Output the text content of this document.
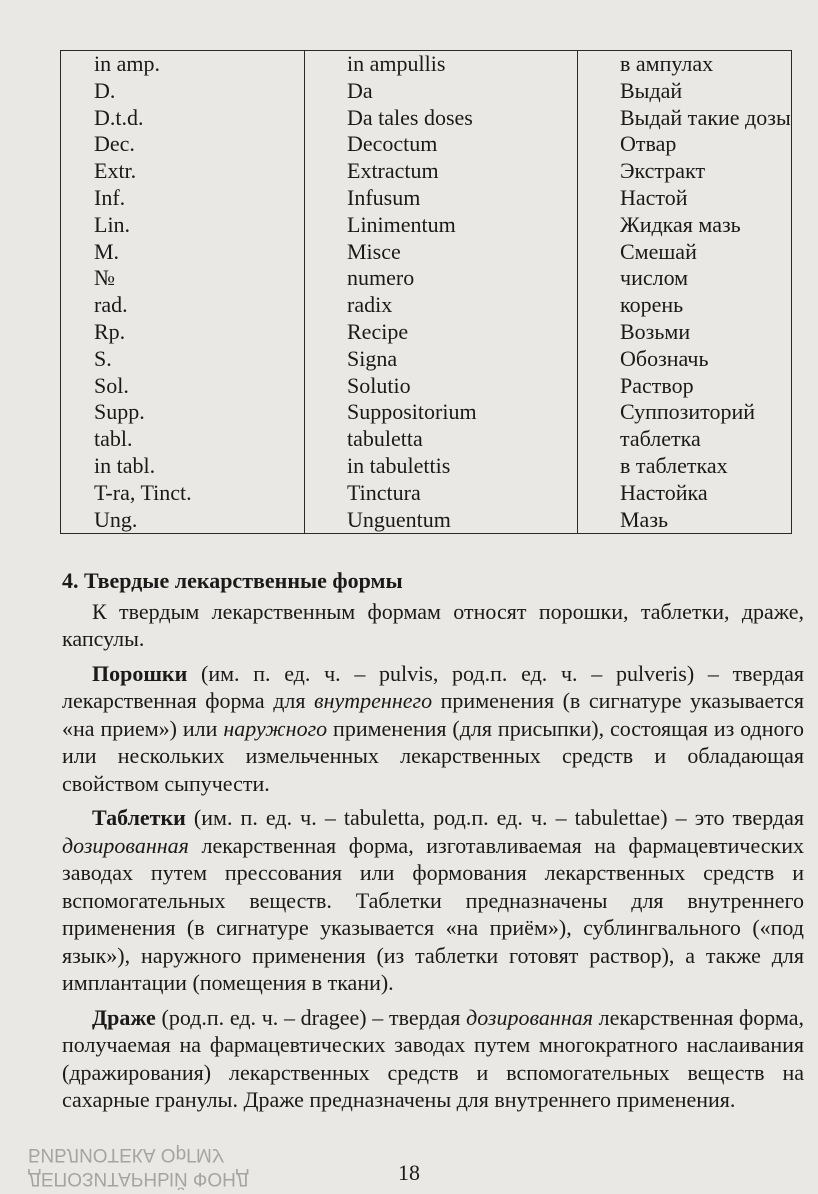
in amp.	in ampullis	в ампулах
D.	Da	Выдай
D.t.d.	Da tales doses	Выдай такие дозы
Dec.	Decoctum	Отвар
Extr.	Extractum	Экстракт
Inf.	Infusum	Настой
Lin.	Linimentum	Жидкая мазь
M.	Misce	Смешай
№	numero	числом
rad.	radix	корень
Rp.	Recipe	Возьми
S.	Signa	Обозначь
Sol.	Solutio	Раствор
Supp.	Suppositorium	Суппозиторий
tabl.	tabuletta	таблетка
in tabl.	in tabulettis	в таблетках
T-ra, Tinct.	Tinctura	Настойка
Ung.	Unguentum	Мазь
4. Твердые лекарственные формы

К твердым лекарственным формам относят порошки, таблетки, драже, капсулы.

Порошки (им. п. ед. ч. – pulvis, род.п. ед. ч. – pulveris) – твердая лекарственная форма для внутреннего применения (в сигнатуре указывается «на прием») или наружного применения (для присыпки), состоящая из одного или нескольких измельченных лекарственных средств и обладающая свойством сыпучести.

Таблетки (им. п. ед. ч. – tabuletta, род.п. ед. ч. – tabulettae) – это твердая дозированная лекарственная форма, изготавливаемая на фармацевтических заводах путем прессования или формования лекарственных средств и вспомогательных веществ. Таблетки предназначены для внутреннего применения (в сигнатуре указывается «на приём»), сублингвального («под язык»), наружного применения (из таблетки готовят раствор), а также для имплантации (помещения в ткани).

Драже (род.п. ед. ч. – dragee) – твердая дозированная лекарственная форма, получаемая на фармацевтических заводах путем многократного наслаивания (дражирования) лекарственных средств и вспомогательных веществ на сахарные гранулы. Драже предназначены для внутреннего применения.

ДЕПОЗИТАРНЫЙ ФОНД
БИБЛИОТЕКА ОрГМУ
18
